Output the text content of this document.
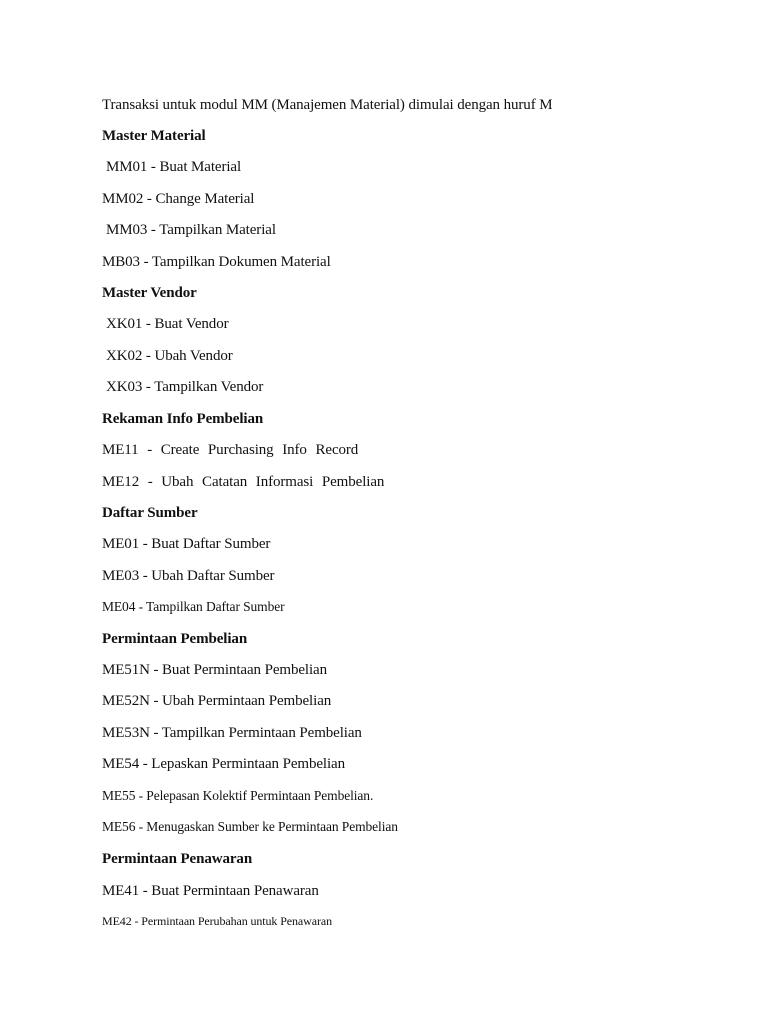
Transaksi untuk modul MM (Manajemen Material) dimulai dengan huruf M
Master Material
MM01 - Buat Material
MM02 - Change Material
MM03 - Tampilkan Material
MB03 - Tampilkan Dokumen Material
Master Vendor
XK01 - Buat Vendor
XK02 - Ubah Vendor
XK03 - Tampilkan Vendor
Rekaman Info Pembelian
ME11 - Create Purchasing Info Record
ME12 - Ubah Catatan Informasi Pembelian
Daftar Sumber
ME01 - Buat Daftar Sumber
ME03 - Ubah Daftar Sumber
ME04 - Tampilkan Daftar Sumber
Permintaan Pembelian
ME51N - Buat Permintaan Pembelian
ME52N - Ubah Permintaan Pembelian
ME53N - Tampilkan Permintaan Pembelian
ME54 - Lepaskan Permintaan Pembelian
ME55 - Pelepasan Kolektif Permintaan Pembelian.
ME56 - Menugaskan Sumber ke Permintaan Pembelian
Permintaan Penawaran
ME41 - Buat Permintaan Penawaran
ME42 - Permintaan Perubahan untuk Penawaran
